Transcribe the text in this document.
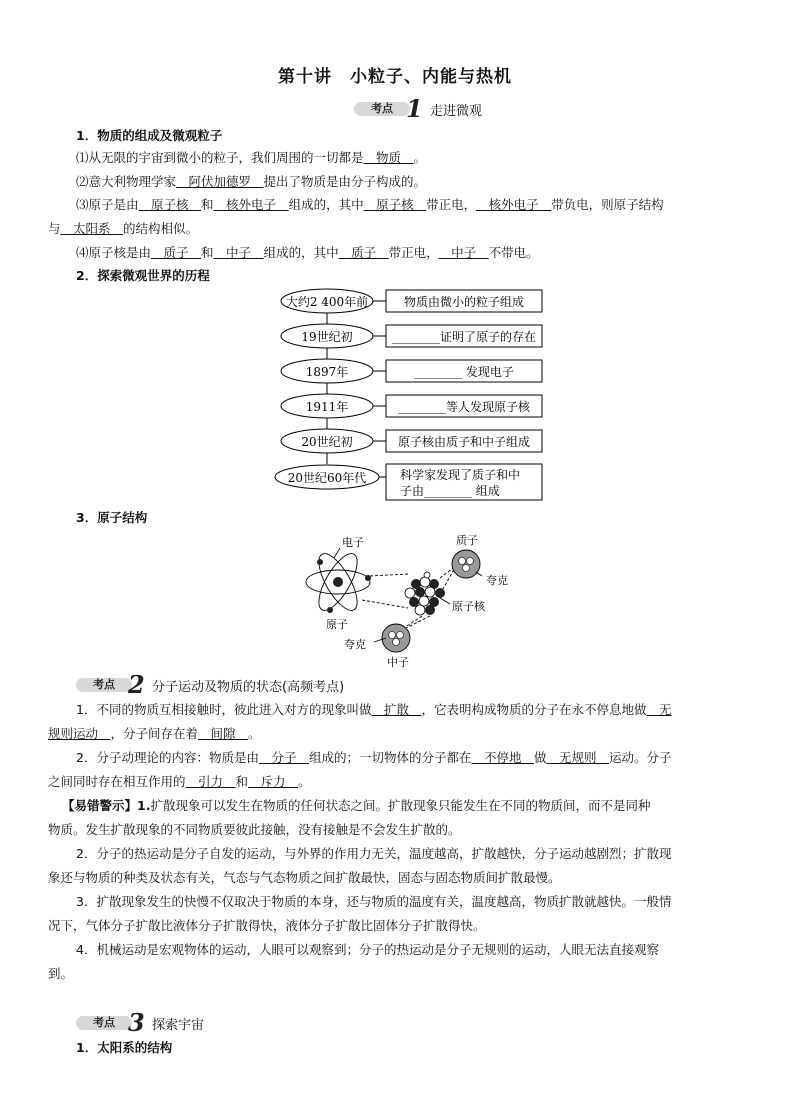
第十讲　小粒子、内能与热机
考点 1 走进微观
1．物质的组成及微观粒子
⑴从无限的宇宙到微小的粒子，我们周围的一切都是＿物质＿。
⑵意大利物理学家＿阿伏加德罗＿提出了物质是由分子构成的。
⑶原子是由＿原子核＿和＿核外电子＿组成的，其中＿原子核＿带正电，＿核外电子＿带负电，则原子结构
与＿太阳系＿的结构相似。
⑷原子核是由＿质子＿和＿中子＿组成的，其中＿质子＿带正电，＿中子＿不带电。
2．探索微观世界的历程
大约2 400年前	物质由微小的粒子组成
19世纪初	________证明了原子的存在
1897年	________ 发现电子
1911年	________等人发现原子核
20世纪初	原子核由质子和中子组成
20世纪60年代	科学家发现了质子和中
子由________ 组成
3．原子结构
电子
原子
质子
夸克
原子核
夸克
中子
考点 2 分子运动及物质的状态(高频考点)
1．不同的物质互相接触时，彼此进入对方的现象叫做＿扩散＿，它表明构成物质的分子在永不停息地做＿无
规则运动＿，分子间存在着＿间隙＿。
2．分子动理论的内容：物质是由＿分子＿组成的；一切物体的分子都在＿不停地＿做＿无规则＿运动。分子
之间同时存在相互作用的＿引力＿和＿斥力＿。
【易错警示】1.扩散现象可以发生在物质的任何状态之间。扩散现象只能发生在不同的物质间，而不是同种
物质。发生扩散现象的不同物质要彼此接触，没有接触是不会发生扩散的。
2．分子的热运动是分子自发的运动，与外界的作用力无关，温度越高，扩散越快，分子运动越剧烈；扩散现
象还与物质的种类及状态有关，气态与气态物质之间扩散最快，固态与固态物质间扩散最慢。
3．扩散现象发生的快慢不仅取决于物质的本身，还与物质的温度有关，温度越高，物质扩散就越快。一般情
况下，气体分子扩散比液体分子扩散得快，液体分子扩散比固体分子扩散得快。
4．机械运动是宏观物体的运动，人眼可以观察到；分子的热运动是分子无规则的运动，人眼无法直接观察
到。
考点 3 探索宇宙
1．太阳系的结构
